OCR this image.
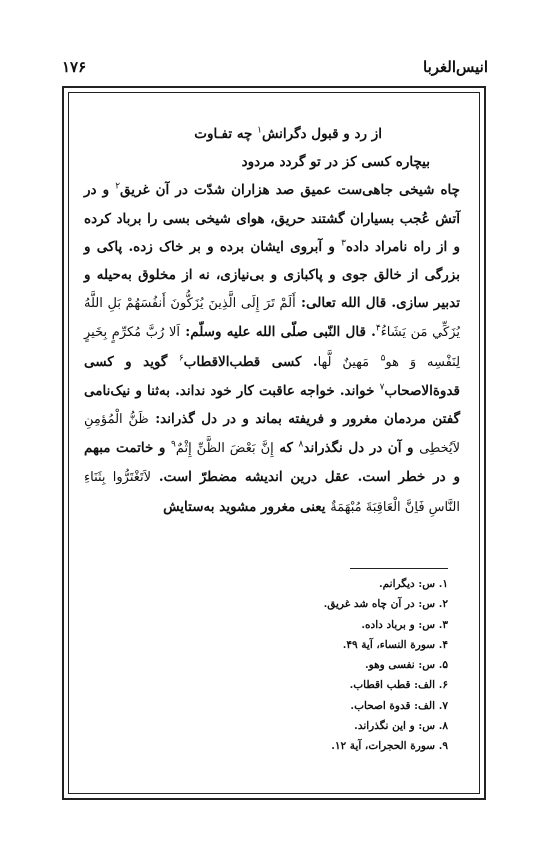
انیس‌الغربا
۱۷۶

از رد و قبول دگرانش$^۱$ چه تفـاوت

بیچاره کسی کز در تو گردد مردود

چاه شیخی جاهی‌ست عمیق صد هزاران شدّت در آن غریق$^۲$ و در آتش عُجب بسیاران گشتند حریق، هوای شیخی بسی را برباد کرده و از راه نامراد داده$^۳$ و آبروی ایشان برده و بر خاک زده. پاکی و بزرگی از خالق جوی و پاکبازی و بی‌نیازی، نه از مخلوق به‌حیله و تدبیر سازی. قال الله تعالی: أَلَمْ تَرَ إِلَى الَّذِينَ يُزَكُّونَ أَنفُسَهُمْ بَلِ اللَّهُ يُزَكِّي مَن يَشَاءُ$^۴$. قال النّبی صلّی الله علیه وسلّم: اَلا رُبَّ مُکرِّمٍ بِخَیرٍ لِنَفْسِه وَ هو$^۵$ مَهینٌ لَّها. کسی قطب‌الاقطاب$^۶$ گوید و کسی قدوةالاصحاب$^۷$ خواند. خواجه عاقبت کار خود نداند. به‌ثنا و نیک‌نامی گفتن مردمان مغرور و فریفته بماند و در دل گذراند: ظَنُّ الْمُؤمِنِ لاَیُخطِی و آن در دل نگذراند$^۸$ که إِنَّ بَعْضَ الظَّنِّ إِثْمٌ$^۹$ و خاتمت مبهم و در خطر است. عقل درین اندیشه مضطرّ است. لاَتَغْتَرُّوا بِثَنَاءِ النَّاسِ فَاِنَّ الْعَاقِبَةَ مُبْهَمَةٌ یعنی مغرور مشوید به‌ستایش

۱. س: دیگرانم.
۲. س: در آن چاه شد غریق.
۳. س: و برباد داده.
۴. سورة النساء، آیة ۴۹.
۵. س: نفسی وهو.
۶. الف: قطب اقطاب.
۷. الف: قدوة اصحاب.
۸. س: و این نگذراند.
۹. سورة الحجرات، آیة ۱۲.
